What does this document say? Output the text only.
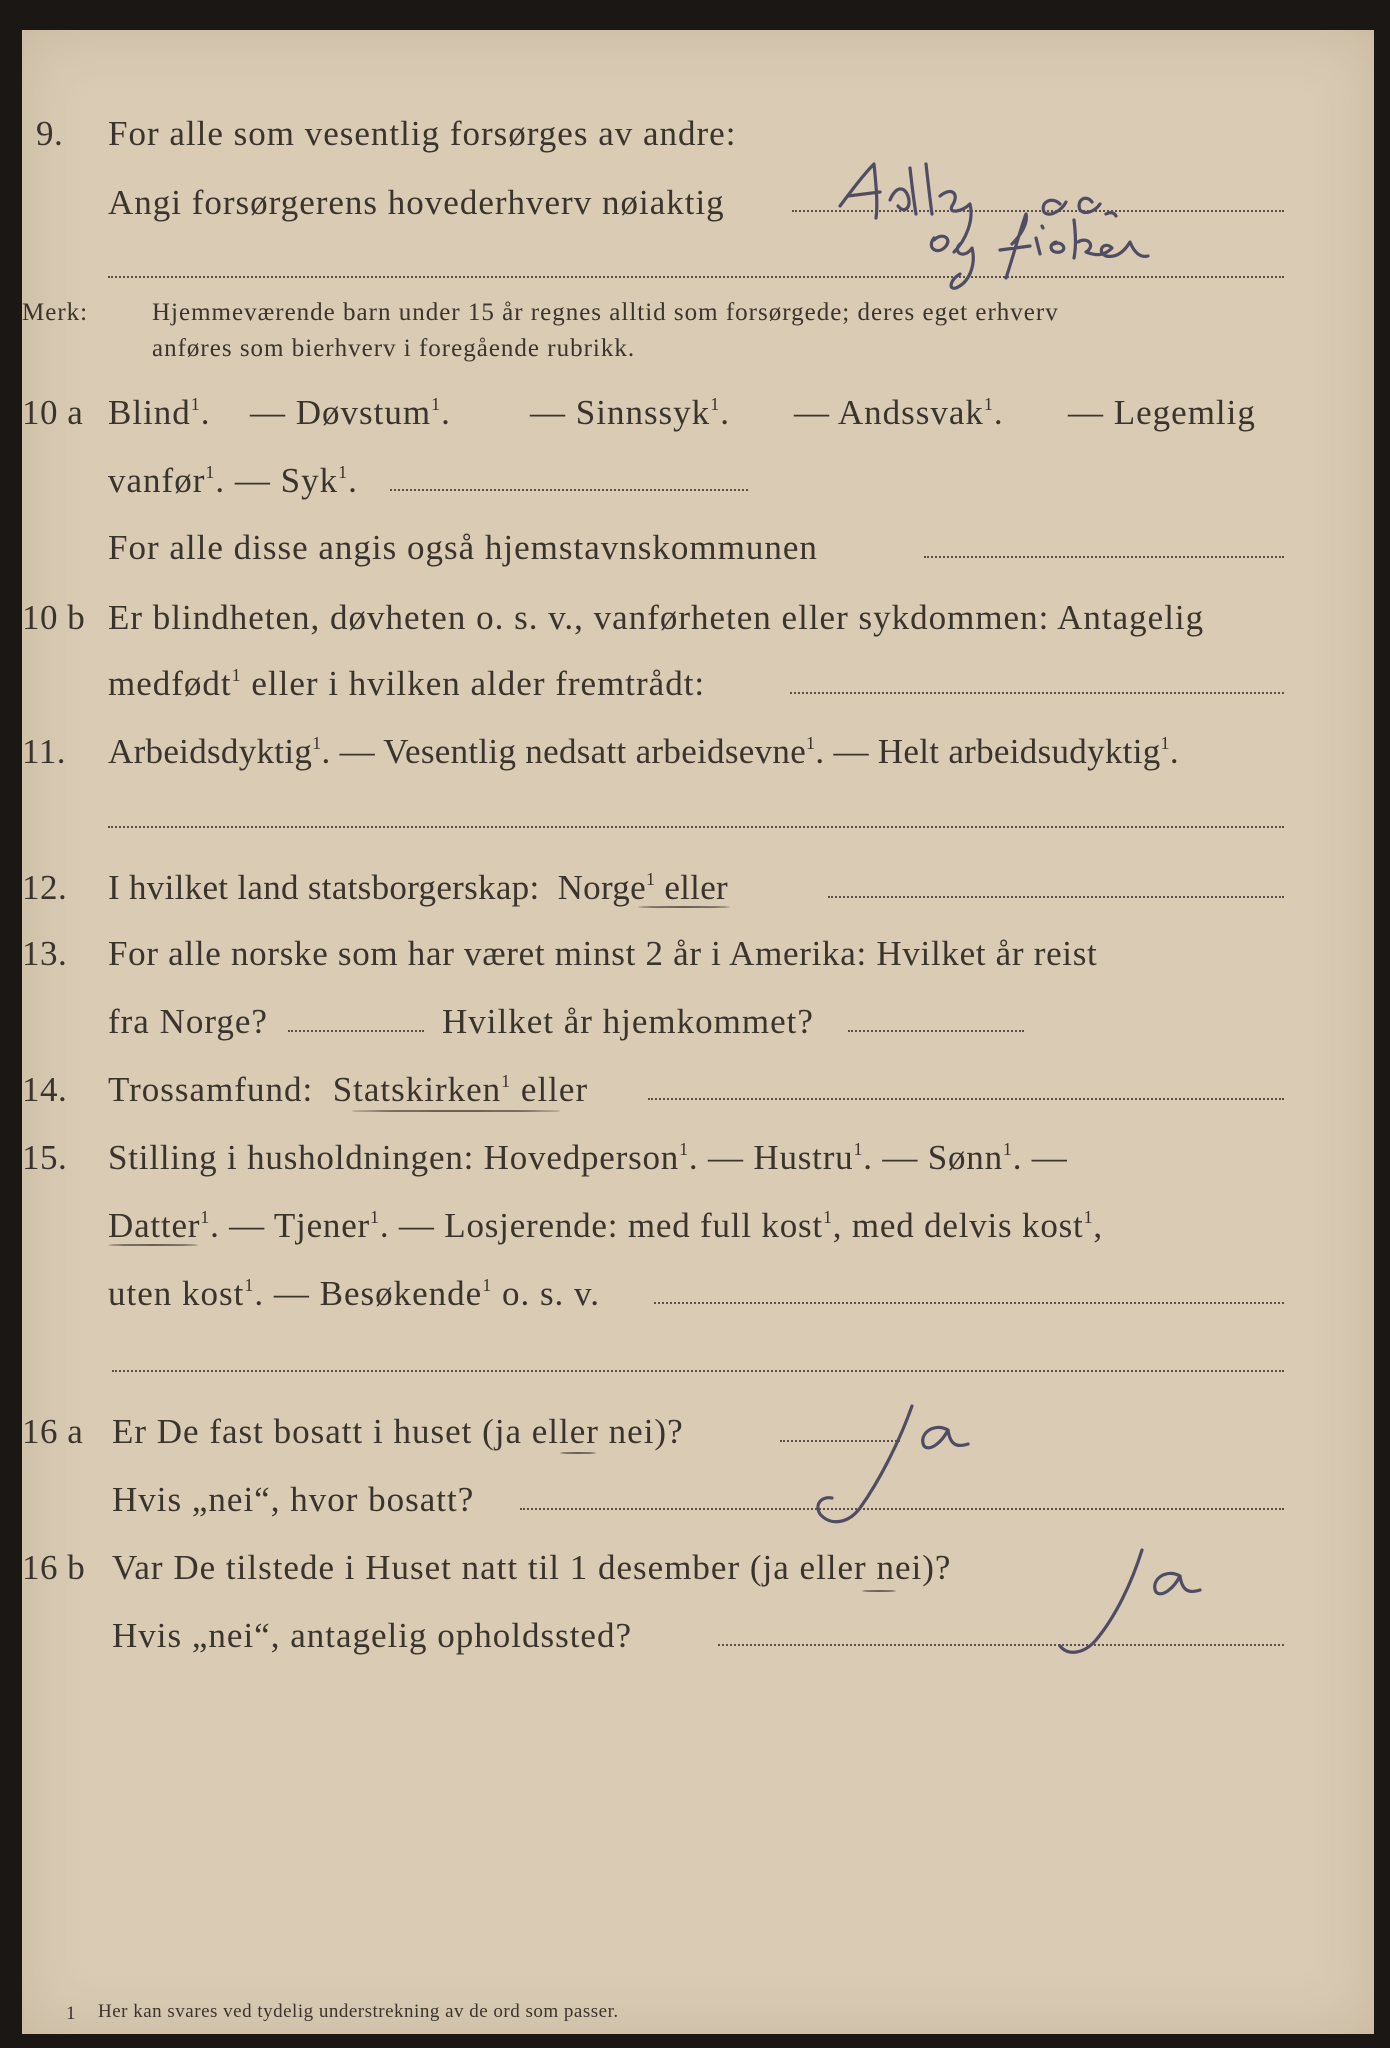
9. For alle som vesentlig forsørges av andre:
Angi forsørgerens hovederhverv nøiaktig
Merk:	Hjemmeværende barn under 15 år regnes alltid som forsørgede; deres eget erhverv
anføres som bierhverv i foregående rubrikk.
10 a Blind$^1$. — Døvstum$^1$. — Sinnssyk$^1$. — Andssvak$^1$. — Legemlig
vanfør$^1$. — Syk$^1$.
For alle disse angis også hjemstavnskommunen
10 b Er blindheten, døvheten o. s. v., vanførheten eller sykdommen: Antagelig
medfødt$^1$ eller i hvilken alder fremtrådt:
11. Arbeidsdyktig$^1$. — Vesentlig nedsatt arbeidsevne$^1$. — Helt arbeidsudyktig$^1$.
12. I hvilket land statsborgerskap: Norge$^1$ eller
13. For alle norske som har været minst 2 år i Amerika: Hvilket år reist
fra Norge?	Hvilket år hjemkommet?
14. Trossamfund: Statskirken$^1$ eller
15. Stilling i husholdningen: Hovedperson$^1$. — Hustru$^1$. — Sønn$^1$. —
Datter$^1$. — Tjener$^1$. — Losjerende: med full kost$^1$, med delvis kost$^1$,
uten kost$^1$. — Besøkende$^1$ o. s. v.
16 a Er De fast bosatt i huset (ja eller nei)?
Hvis „nei“, hvor bosatt?
16 b Var De tilstede i Huset natt til 1 desember (ja eller nei)?
Hvis „nei“, antagelig opholdssted?
1 Her kan svares ved tydelig understrekning av de ord som passer.
